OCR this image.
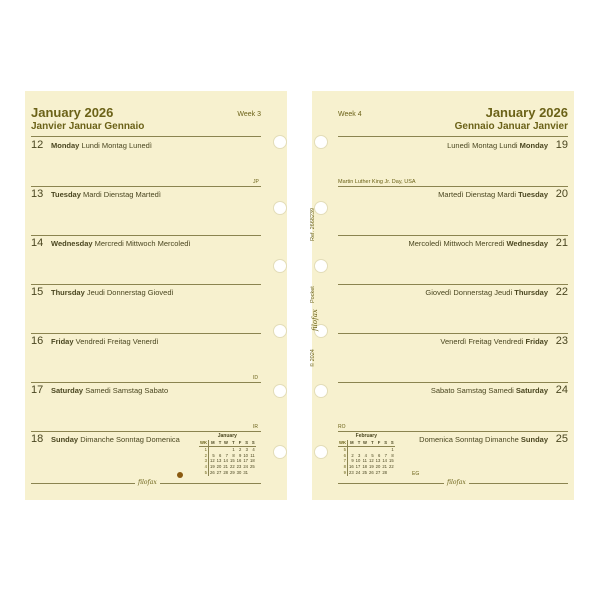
January 2026
Janvier Januar Gennaio
Week 3
12 Monday Lundi Montag Lunedì
JP
13 Tuesday Mardi Dienstag Martedì
14 Wednesday Mercredi Mittwoch Mercoledì
15 Thursday Jeudi Donnerstag Giovedì
16 Friday Vendredi Freitag Venerdì
ID
17 Saturday Samedi Samstag Sabato
IR
18 Sunday Dimanche Sonntag Domenica	January
WK	M	T	W	T	F	S	S
1				1	2	3	4
2	5	6	7	8	9	10	11
3	12	13	14	15	16	17	18
4	19	20	21	22	23	24	25
5	26	27	28	29	30	31	
filofax
January 2026
Gennaio Januar Janvier
Week 4
Lunedì Montag Lundi Monday 19
Martin Luther King Jr. Day, USA
Martedì Dienstag Mardi Tuesday 20
Mercoledì Mittwoch Mercredi Wednesday 21
Giovedì Donnerstag Jeudi Thursday 22
Venerdì Freitag Vendredi Friday 23
Sabato Samstag Samedi Saturday 24
RO
Domenica Sonntag Dimanche Sunday 25
February
WK	M	T	W	T	F	S	S
5							1
6	2	3	4	5	6	7	8
7	9	10	11	12	13	14	15
8	16	17	18	19	20	21	22
9	23	24	25	26	27	28		EG
filofax
Ref. 2668239
Pocket
filofax
© 2024
